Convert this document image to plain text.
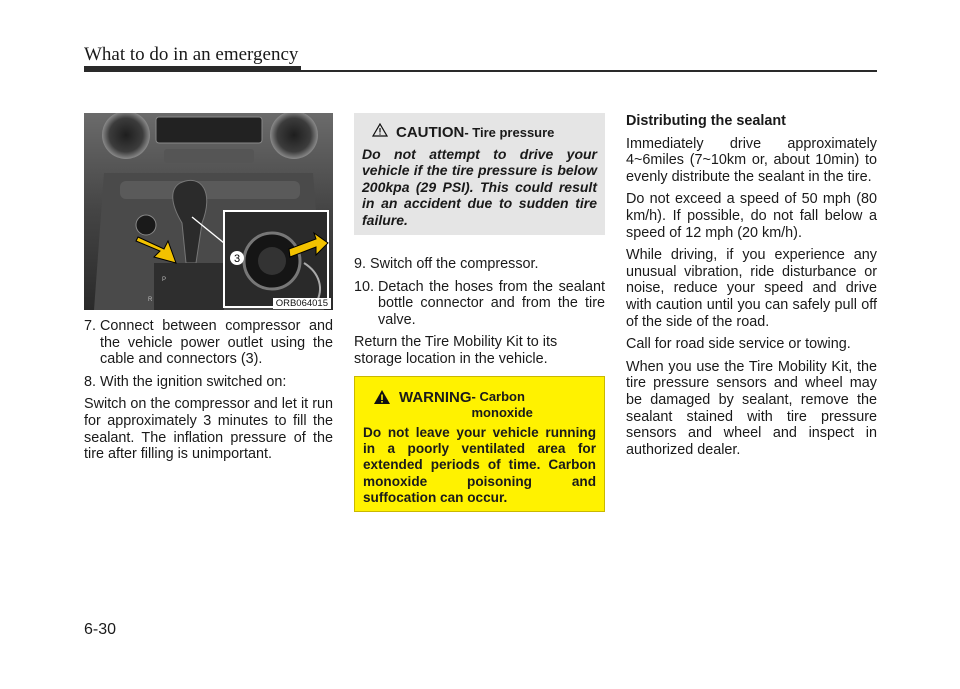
What to do in an emergency
P
R
3
ORB064015
7. Connect between compressor and the vehicle power outlet using the cable and connectors (3).
8. With the ignition switched on:

Switch on the compressor and let it run for approximately 3 minutes to fill the sealant. The inflation pressure of the tire after filling is unimportant.

CAUTION - Tire pressure
Do not attempt to drive your vehicle if the tire pressure is below 200kpa (29 PSI). This could result in an accident due to sudden tire failure.
9. Switch off the compressor.
10. Detach the hoses from the sealant bottle connector and from the tire valve.

Return the Tire Mobility Kit to its storage location in the vehicle.

WARNING - Carbon monoxide
Do not leave your vehicle running in a poorly ventilated area for extended periods of time. Carbon monoxide poisoning and suffocation can occur.
Distributing the sealant

Immediately drive approximately 4~6miles (7~10km or, about 10min) to evenly distribute the sealant in the tire.

Do not exceed a speed of 50 mph (80 km/h). If possible, do not fall below a speed of 12 mph (20 km/h).

While driving, if you experience any unusual vibration, ride disturbance or noise, reduce your speed and drive with caution until you can safely pull off of the side of the road.

Call for road side service or towing.

When you use the Tire Mobility Kit, the tire pressure sensors and wheel may be damaged by sealant, remove the sealant stained with tire pressure sensors and wheel and inspect in authorized dealer.

6-30
